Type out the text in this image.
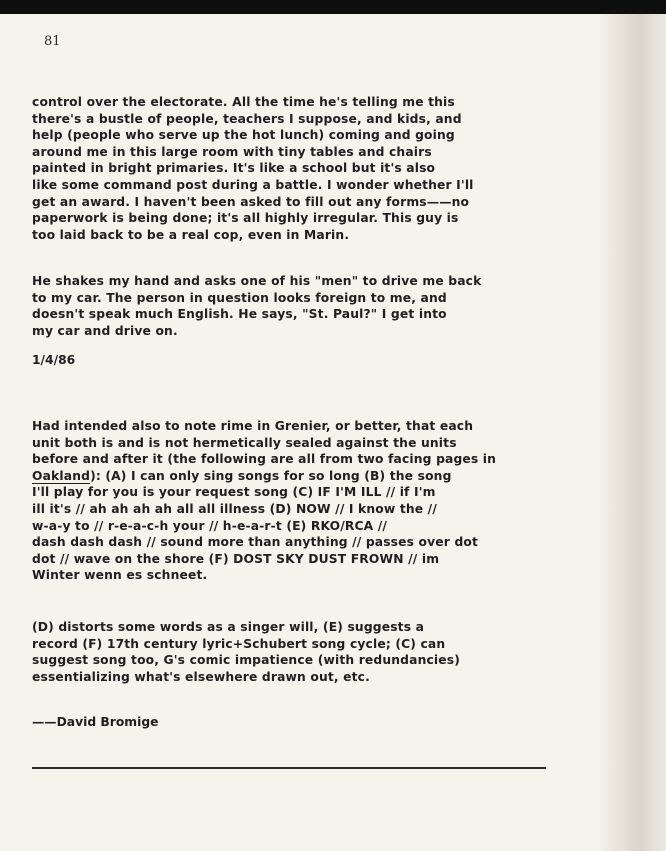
81

control over the electorate. All the time he's telling me this
there's a bustle of people, teachers I suppose, and kids, and
help (people who serve up the hot lunch) coming and going
around me in this large room with tiny tables and chairs
painted in bright primaries. It's like a school but it's also
like some command post during a battle. I wonder whether I'll
get an award. I haven't been asked to fill out any forms——no
paperwork is being done; it's all highly irregular. This guy is
too laid back to be a real cop, even in Marin.

He shakes my hand and asks one of his "men" to drive me back
to my car. The person in question looks foreign to me, and
doesn't speak much English. He says, "St. Paul?" I get into
my car and drive on.

1/4/86

Had intended also to note rime in Grenier, or better, that each
unit both is and is not hermetically sealed against the units
before and after it (the following are all from two facing pages in
Oakland): (A) I can only sing songs for so long (B) the song
I'll play for you is your request song (C) IF I'M ILL // if I'm
ill it's // ah ah ah ah all all illness (D) NOW // I know the //
w-a-y to // r-e-a-c-h your // h-e-a-r-t (E) RKO/RCA //
dash dash dash // sound more than anything // passes over dot
dot // wave on the shore (F) DOST SKY DUST FROWN // im
Winter wenn es schneet.

(D) distorts some words as a singer will, (E) suggests a
record (F) 17th century lyric+Schubert song cycle; (C) can
suggest song too, G's comic impatience (with redundancies)
essentializing what's elsewhere drawn out, etc.

——David Bromige
